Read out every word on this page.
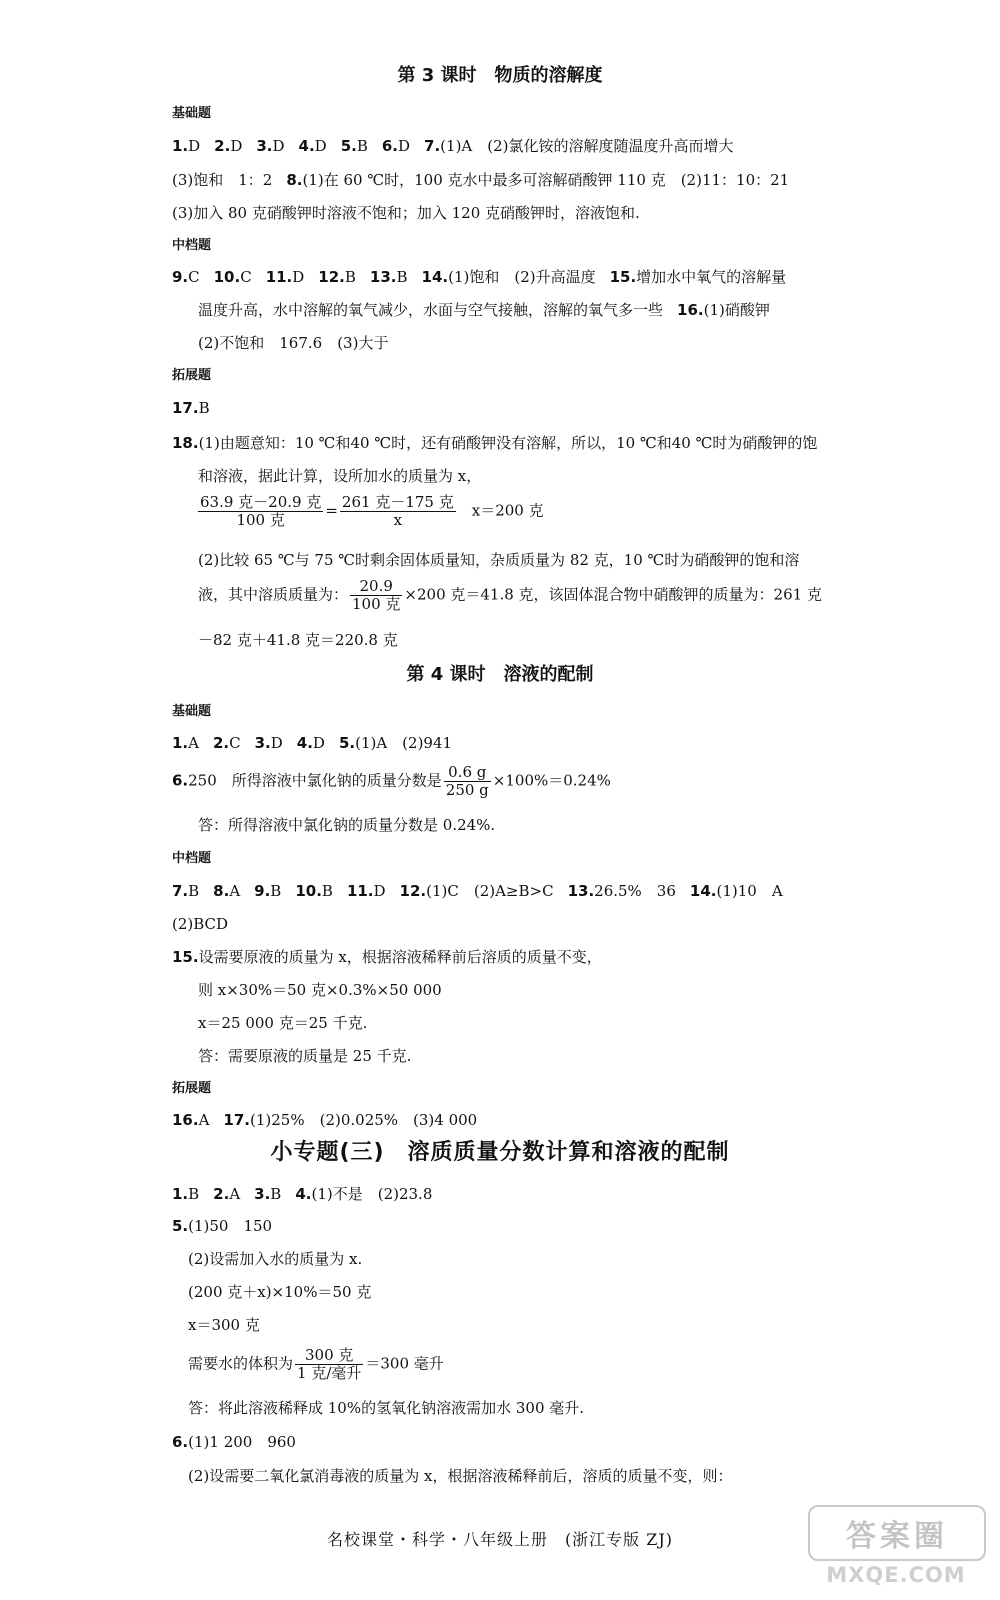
第 3 课时　物质的溶解度
基础题
1.D 2.D 3.D 4.D 5.B 6.D 7.(1)A　(2)氯化铵的溶解度随温度升高而增大
(3)饱和　1：2 8.(1)在 60 ℃时，100 克水中最多可溶解硝酸钾 110 克　(2)11：10：21
(3)加入 80 克硝酸钾时溶液不饱和；加入 120 克硝酸钾时，溶液饱和.
中档题
9.C 10.C 11.D 12.B 13.B 14.(1)饱和　(2)升高温度 15.增加水中氧气的溶解量
温度升高，水中溶解的氧气减少，水面与空气接触，溶解的氧气多一些 16.(1)硝酸钾
(2)不饱和　167.6　(3)大于
拓展题
17.B
18.(1)由题意知：10 ℃和40 ℃时，还有硝酸钾没有溶解，所以，10 ℃和40 ℃时为硝酸钾的饱
和溶液，据此计算，设所加水的质量为 x，
$\frac{\text{63.9 克－20.9 克}}{\text{100 克}} = \frac{\text{261 克－175 克}}{x} x=200$ 克
(2)比较 65 ℃与 75 ℃时剩余固体质量知，杂质质量为 82 克，10 ℃时为硝酸钾的饱和溶
液，其中溶质质量为： $\frac{20.9}{\text{100 克}} \times 200$ 克＝41.8 克，该固体混合物中硝酸钾的质量为：261 克
－82 克＋41.8 克＝220.8 克
第 4 课时　溶液的配制
基础题
1.A 2.C 3.D 4.D 5.(1)A　(2)941
6.250　所得溶液中氯化钠的质量分数是 $\frac{0.6 g}{250 g} \times 100\%=0.24\%$
答：所得溶液中氯化钠的质量分数是 0.24%.
中档题
7.B 8.A 9.B 10.B 11.D 12.(1)C　(2)A≥B>C 13.26.5%　36 14.(1)10　A
(2)BCD
15.设需要原液的质量为 x，根据溶液稀释前后溶质的质量不变，
则 x×30%＝50 克×0.3%×50 000
x＝25 000 克＝25 千克.
答：需要原液的质量是 25 千克.
拓展题
16.A 17.(1)25%　(2)0.025%　(3)4 000
小专题(三)　溶质质量分数计算和溶液的配制
1.B 2.A 3.B 4.(1)不是　(2)23.8
5.(1)50　150
(2)设需加入水的质量为 x.
(200 克＋x)×10%＝50 克
x＝300 克
需要水的体积为 $\frac{\text{300 克}}{\text{1 克/毫升}} =300$ 毫升
答：将此溶液稀释成 10%的氢氧化钠溶液需加水 300 毫升.
6.(1)1 200　960
(2)设需要二氧化氯消毒液的质量为 x，根据溶液稀释前后，溶质的质量不变，则：
名校课堂・科学・八年级上册　(浙江专版 ZJ)	答案圈
MXQE.COM
